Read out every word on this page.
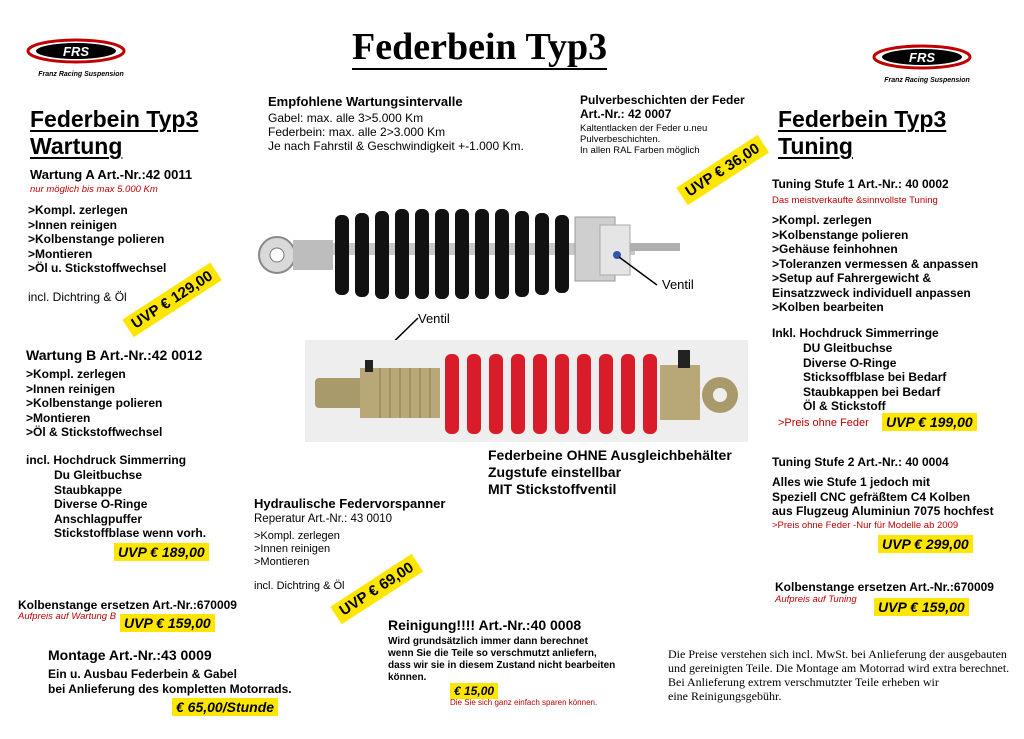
FRS
Franz Racing Suspension
FRS
Franz Racing Suspension
Federbein Typ3
Federbein Typ3
Wartung
Wartung A Art.-Nr.:42 0011
nur möglich bis max 5.000 Km
>Kompl. zerlegen
>Innen reinigen
>Kolbenstange polieren
>Montieren
>Öl u. Stickstoffwechsel
incl. Dichtring & Öl UVP € 129,00
Wartung B Art.-Nr.:42 0012
>Kompl. zerlegen
>Innen reinigen
>Kolbenstange polieren
>Montieren
>Öl & Stickstoffwechsel
incl. Hochdruck Simmerring
Du Gleitbuchse
Staubkappe
Diverse O-Ringe
Anschlagpuffer
Stickstoffblase wenn vorh.
UVP € 189,00
Kolbenstange ersetzen Art.-Nr.:670009
Aufpreis auf Wartung B UVP € 159,00
Montage Art.-Nr.:43 0009
Ein u. Ausbau Federbein & Gabel
bei Anlieferung des kompletten Motorrads.
€ 65,00/Stunde
Empfohlene Wartungsintervalle
Gabel: max. alle 3>5.000 Km
Federbein: max. alle 2>3.000 Km
Je nach Fahrstil & Geschwindigkeit +-1.000 Km.
Pulverbeschichten der Feder
Art.-Nr.: 42 0007
Kaltentlacken der Feder u.neu
Pulverbeschichten.
In allen RAL Farben möglich
UVP € 36,00
Ventil
Ventil
Federbeine OHNE Ausgleichbehälter
Zugstufe einstellbar
MIT Stickstoffventil
Hydraulische Federvorspanner
Reperatur Art.-Nr.: 43 0010
>Kompl. zerlegen
>Innen reinigen
>Montieren
incl. Dichtring & Öl
UVP € 69,00
Reinigung!!!! Art.-Nr.:40 0008
Wird grundsätzlich immer dann berechnet
wenn Sie die Teile so verschmutzt anliefern,
dass wir sie in diesem Zustand nicht bearbeiten
können.
€ 15,00
Die Sie sich ganz einfach sparen können.
Federbein Typ3
Tuning
Tuning Stufe 1 Art.-Nr.: 40 0002
Das meistverkaufte &sinnvollste Tuning
>Kompl. zerlegen
>Kolbenstange polieren
>Gehäuse feinhohnen
>Toleranzen vermessen & anpassen
>Setup auf Fahrergewicht &
Einsatzzweck individuell anpassen
>Kolben bearbeiten
Inkl. Hochdruck Simmerringe
DU Gleitbuchse
Diverse O-Ringe
Sticksoffblase bei Bedarf
Staubkappen bei Bedarf
Öl & Stickstoff
>Preis ohne Feder UVP € 199,00
Tuning Stufe 2 Art.-Nr.: 40 0004
Alles wie Stufe 1 jedoch mit
Speziell CNC gefräßtem C4 Kolben
aus Flugzeug Aluminiun 7075 hochfest
>Preis ohne Feder -Nur für Modelle ab 2009
UVP € 299,00
Kolbenstange ersetzen Art.-Nr.:670009
Aufpreis auf Tuning UVP € 159,00
Die Preise verstehen sich incl. MwSt. bei Anlieferung der ausgebauten
und gereinigten Teile. Die Montage am Motorrad wird extra berechnet.
Bei Anlieferung extrem verschmutzter Teile erheben wir
eine Reinigungsgebühr.
